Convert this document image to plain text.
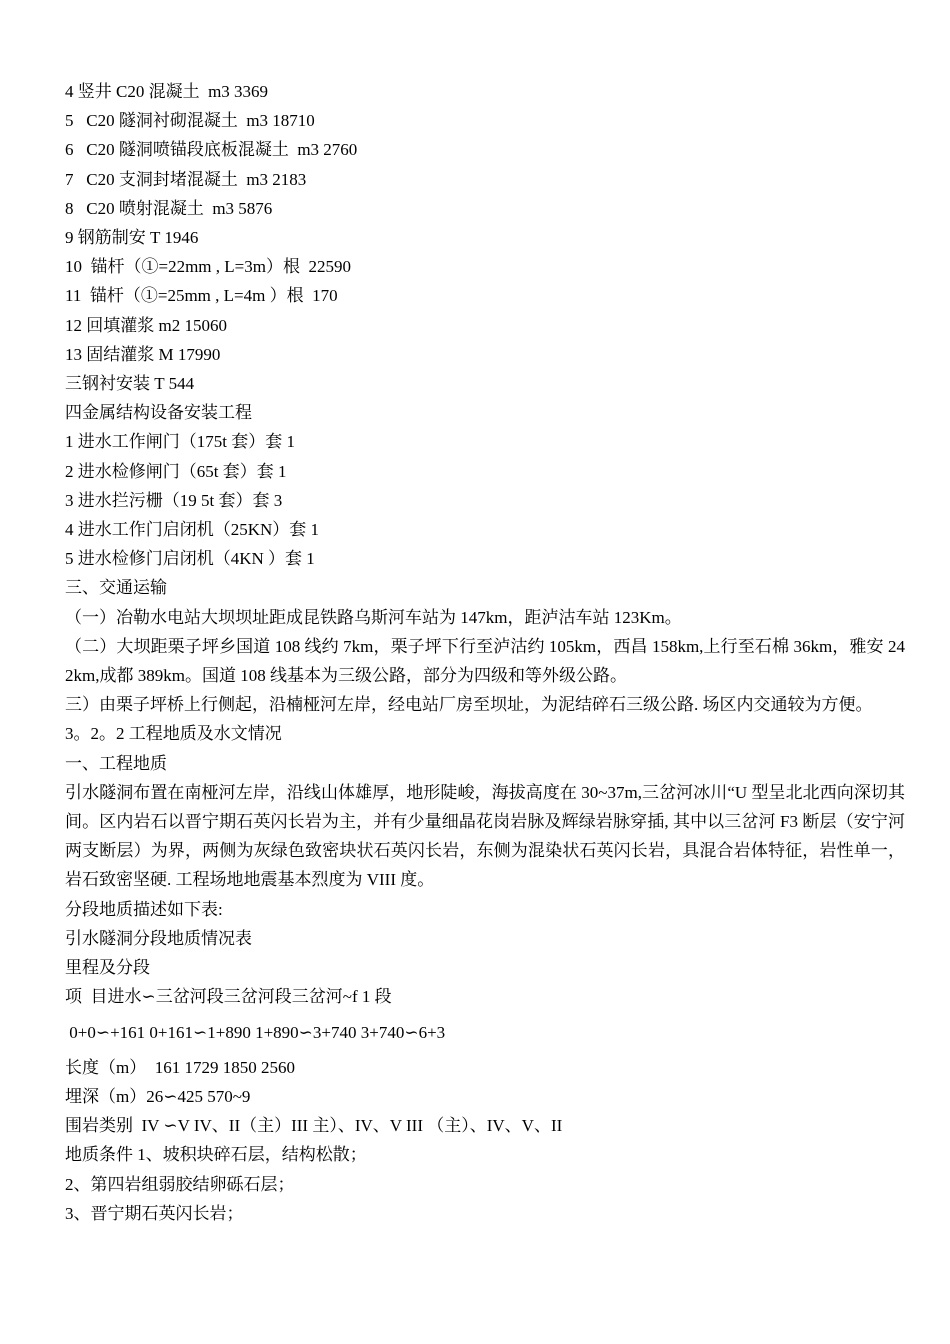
4 竖井 C20 混凝土  m3 3369

5   C20 隧洞衬砌混凝土  m3 18710

6   C20 隧洞喷锚段底板混凝土  m3 2760

7   C20 支洞封堵混凝土  m3 2183

8   C20 喷射混凝土  m3 5876

9 钢筋制安 T 1946

10  锚杆（①=22mm , L=3m）根  22590

11  锚杆（①=25mm , L=4m ）根  170

12 回填灌浆 m2 15060

13 固结灌浆 M 17990

三钢衬安装 T 544

四金属结构设备安装工程

1 进水工作闸门（175t 套）套 1

2 进水检修闸门（65t 套）套 1

3 进水拦污栅（19 5t 套）套 3

4 进水工作门启闭机（25KN）套 1

5 进水检修门启闭机（4KN ）套 1

三、交通运输

（一）冶勒水电站大坝坝址距成昆铁路乌斯河车站为 147km，距泸沽车站 123Km。

（二）大坝距栗子坪乡国道 108 线约 7km，栗子坪下行至泸沽约 105km，西昌 158km,上行至石棉 36km，雅安 242km,成都 389km。国道 108 线基本为三级公路，部分为四级和等外级公路。

三）由栗子坪桥上行侧起，沿楠桠河左岸，经电站厂房至坝址，为泥结碎石三级公路. 场区内交通较为方便。

3。2。2 工程地质及水文情况

一、工程地质

引水隧洞布置在南桠河左岸，沿线山体雄厚，地形陡峻，海拔高度在 30~37m,三岔河冰川“U 型呈北北西向深切其间。区内岩石以晋宁期石英闪长岩为主，并有少量细晶花岗岩脉及辉绿岩脉穿插, 其中以三岔河 F3 断层（安宁河两支断层）为界，两侧为灰绿色致密块状石英闪长岩，东侧为混染状石英闪长岩，具混合岩体特征，岩性单一，岩石致密坚硬. 工程场地地震基本烈度为 VIII 度。

分段地质描述如下表:

引水隧洞分段地质情况表

里程及分段

项  目进水∽三岔河段三岔河段三岔河~f 1 段

0+0∽+161 0+161∽1+890 1+890∽3+740 3+740∽6+3

长度（m）  161 1729 1850 2560

埋深（m）26∽425 570~9

围岩类别  IV ∽V IV、II（主）III 主）、IV、V III （主）、IV、V、II

地质条件 1、坡积块碎石层，结构松散；

2、第四岩组弱胶结卵砾石层；

3、晋宁期石英闪长岩；
